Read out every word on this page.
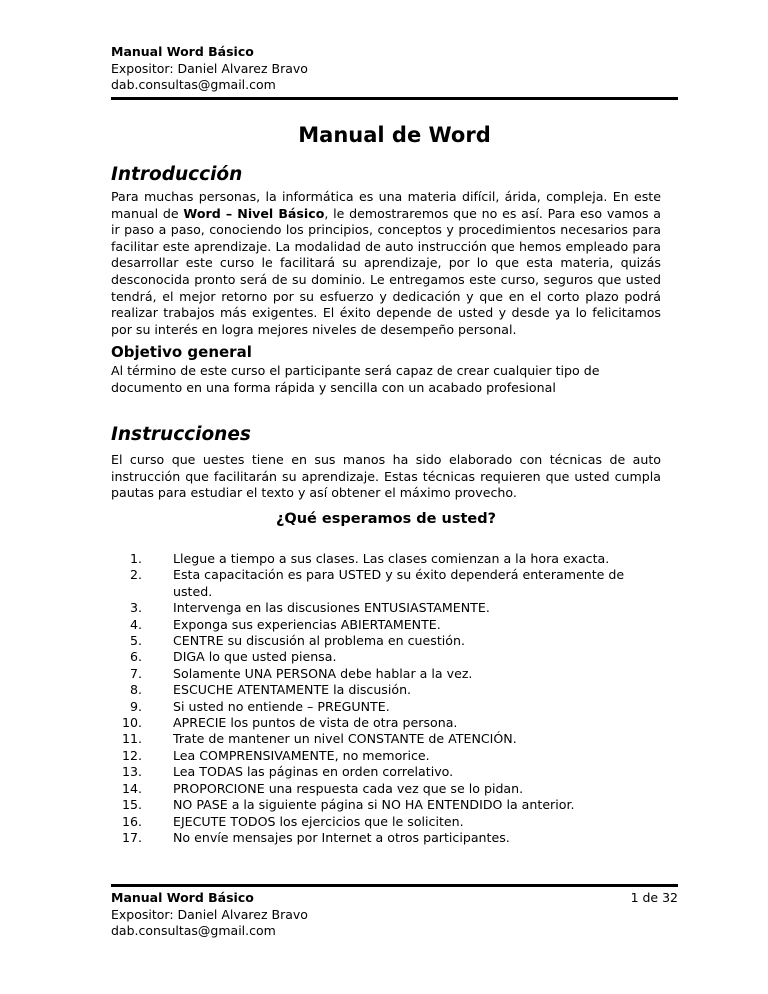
Manual Word Básico
Expositor: Daniel Alvarez Bravo
dab.consultas@gmail.com
Manual de Word
Introducción

Para muchas personas, la informática es una materia difícil, árida, compleja. En este manual de Word – Nivel Básico, le demostraremos que no es así. Para eso vamos a ir paso a paso, conociendo los principios, conceptos y procedimientos necesarios para facilitar este aprendizaje. La modalidad de auto instrucción que hemos empleado para desarrollar este curso le facilitará su aprendizaje, por lo que esta materia, quizás desconocida pronto será de su dominio. Le entregamos este curso, seguros que usted tendrá, el mejor retorno por su esfuerzo y dedicación y que en el corto plazo podrá realizar trabajos más exigentes. El éxito depende de usted y desde ya lo felicitamos por su interés en logra mejores niveles de desempeño personal.

Objetivo general

Al término de este curso el participante será capaz de crear cualquier tipo de documento en una forma rápida y sencilla con un acabado profesional

Instrucciones

El curso que uestes tiene en sus manos ha sido elaborado con técnicas de auto instrucción que facilitarán su aprendizaje. Estas técnicas requieren que usted cumpla pautas para estudiar el texto y así obtener el máximo provecho.

¿Qué esperamos de usted?
1.	Llegue a tiempo a sus clases. Las clases comienzan a la hora exacta.
2.	Esta capacitación es para USTED y su éxito dependerá enteramente de usted.
3.	Intervenga en las discusiones ENTUSIASTAMENTE.
4.	Exponga sus experiencias ABIERTAMENTE.
5.	CENTRE su discusión al problema en cuestión.
6.	DIGA lo que usted piensa.
7.	Solamente UNA PERSONA debe hablar a la vez.
8.	ESCUCHE ATENTAMENTE la discusión.
9.	Si usted no entiende – PREGUNTE.
10.	APRECIE los puntos de vista de otra persona.
11.	Trate de mantener un nivel CONSTANTE de ATENCIÓN.
12.	Lea COMPRENSIVAMENTE, no memorice.
13.	Lea TODAS las páginas en orden correlativo.
14.	PROPORCIONE una respuesta cada vez que se lo pidan.
15.	NO PASE a la siguiente página si NO HA ENTENDIDO la anterior.
16.	EJECUTE TODOS los ejercicios que le soliciten.
17.	No envíe mensajes por Internet a otros participantes.
Manual Word Básico	1 de 32
Expositor: Daniel Alvarez Bravo
dab.consultas@gmail.com
